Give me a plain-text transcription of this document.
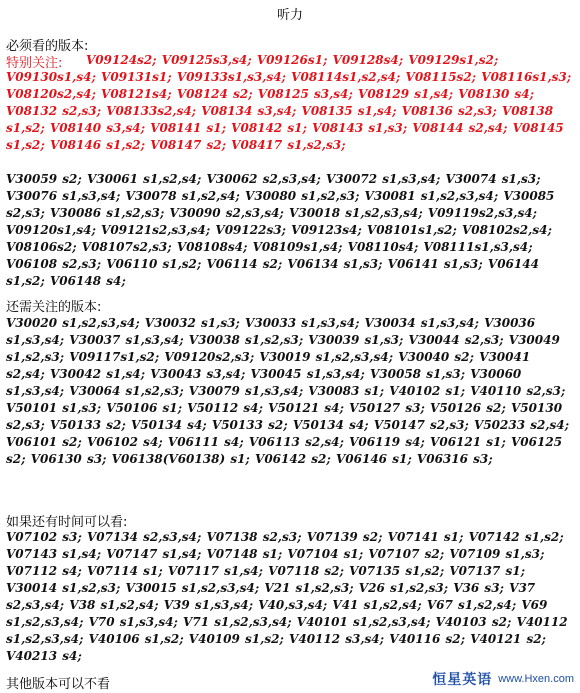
听力
必须看的版本:
特别关注:	V09124s2; V09125s3,s4; V09126s1; V09128s4; V09129s1,s2; V09130s1,s4; V09131s1; V09133s1,s3,s4; V08114s1,s2,s4; V08115s2; V08116s1,s3; V08120s2,s4; V08121s4; V08124 s2; V08125 s3,s4; V08129 s1,s4; V08130 s4; V08132 s2,s3; V08133s2,s4; V08134 s3,s4; V08135 s1,s4; V08136 s2,s3; V08138 s1,s2; V08140 s3,s4; V08141 s1; V08142 s1; V08143 s1,s3; V08144 s2,s4; V08145 s1,s2; V08146 s1,s2; V08147 s2; V08417 s1,s2,s3;
V30059 s2; V30061 s1,s2,s4; V30062 s2,s3,s4; V30072 s1,s3,s4; V30074 s1,s3; V30076 s1,s3,s4; V30078 s1,s2,s4; V30080 s1,s2,s3; V30081 s1,s2,s3,s4; V30085 s2,s3; V30086 s1,s2,s3; V30090 s2,s3,s4; V30018 s1,s2,s3,s4; V09119s2,s3,s4; V09120s1,s4; V09121s2,s3,s4; V09122s3; V09123s4; V08101s1,s2; V08102s2,s4; V08106s2; V08107s2,s3; V08108s4; V08109s1,s4; V08110s4; V08111s1,s3,s4; V06108 s2,s3; V06110 s1,s2; V06114 s2; V06134 s1,s3; V06141 s1,s3; V06144 s1,s2; V06148 s4;
还需关注的版本:
V30020 s1,s2,s3,s4; V30032 s1,s3; V30033 s1,s3,s4; V30034 s1,s3,s4; V30036 s1,s3,s4; V30037 s1,s3,s4; V30038 s1,s2,s3; V30039 s1,s3; V30044 s2,s3; V30049 s1,s2,s3; V09117s1,s2; V09120s2,s3; V30019 s1,s2,s3,s4; V30040 s2; V30041 s2,s4; V30042 s1,s4; V30043 s3,s4; V30045 s1,s3,s4; V30058 s1,s3; V30060 s1,s3,s4; V30064 s1,s2,s3; V30079 s1,s3,s4; V30083 s1; V40102 s1; V40110 s2,s3; V50101 s1,s3; V50106 s1; V50112 s4; V50121 s4; V50127 s3; V50126 s2; V50130 s2,s3; V50133 s2; V50134 s4; V50133 s2; V50134 s4; V50147 s2,s3; V50233 s2,s4; V06101 s2; V06102 s4; V06111 s4; V06113 s2,s4; V06119 s4; V06121 s1; V06125 s2; V06130 s3; V06138(V60138) s1; V06142 s2; V06146 s1; V06316 s3;
如果还有时间可以看:
V07102 s3; V07134 s2,s3,s4; V07138 s2,s3; V07139 s2; V07141 s1; V07142 s1,s2; V07143 s1,s4; V07147 s1,s4; V07148 s1; V07104 s1; V07107 s2; V07109 s1,s3; V07112 s4; V07114 s1; V07117 s1,s4; V07118 s2; V07135 s1,s2; V07137 s1; V30014 s1,s2,s3; V30015 s1,s2,s3,s4; V21 s1,s2,s3; V26 s1,s2,s3; V36 s3; V37 s2,s3,s4; V38 s1,s2,s4; V39 s1,s3,s4; V40,s3,s4; V41 s1,s2,s4; V67 s1,s2,s4; V69 s1,s2,s3,s4; V70 s1,s3,s4; V71 s1,s2,s3,s4; V40101 s1,s2,s3,s4; V40103 s2; V40112 s1,s2,s3,s4; V40106 s1,s2; V40109 s1,s2; V40112 s3,s4; V40116 s2; V40121 s2; V40213 s4;
其他版本可以不看	恒星英语 www.Hxen.com
